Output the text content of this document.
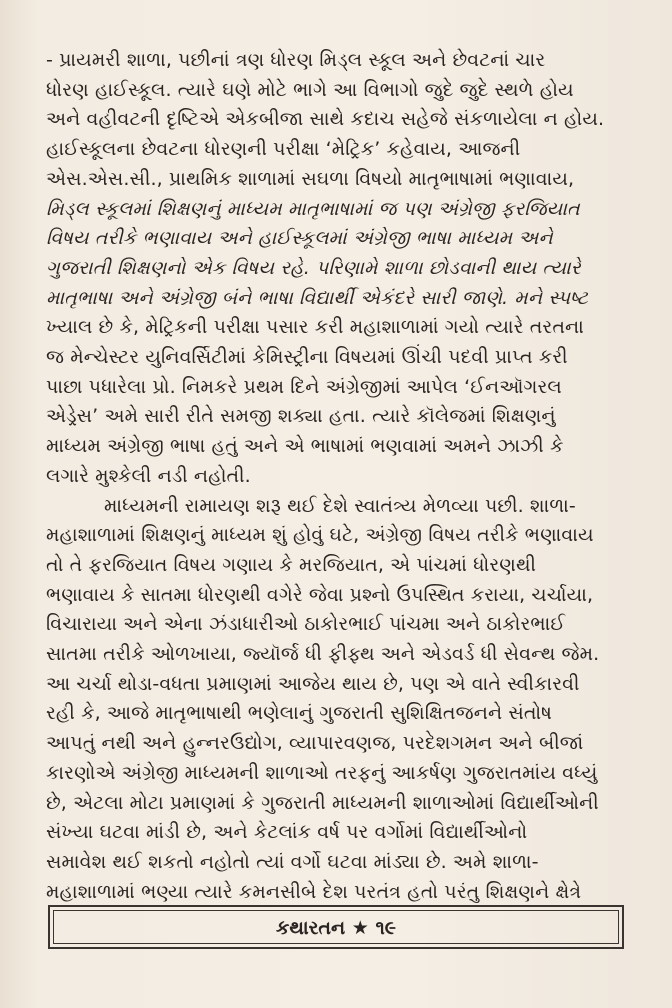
- પ્રાયમરી શાળા, પછીનાં ત્રણ ધોરણ મિડ્લ સ્કૂલ અને છેવટનાં ચાર
ધોરણ હાઈસ્કૂલ. ત્યારે ઘણે મોટે ભાગે આ વિભાગો જુદે જુદે સ્થળે હોય
અને વહીવટની દૃષ્ટિએ એકબીજા સાથે કદાચ સહેજે સંકળાયેલા ન હોય.
હાઈસ્કૂલના છેવટના ધોરણની પરીક્ષા ‘મેટ્રિક’ કહેવાય, આજની
એસ.એસ.સી., પ્રાથમિક શાળામાં સઘળા વિષયો માતૃભાષામાં ભણાવાય,
મિડ્લ સ્કૂલમાં શિક્ષણનું માધ્યમ માતૃભાષામાં જ પણ અંગ્રેજી ફરજિયાત
વિષય તરીકે ભણાવાય અને હાઈસ્કૂલમાં અંગ્રેજી ભાષા માધ્યમ અને
ગુજરાતી શિક્ષણનો એક વિષય રહે. પરિણામે શાળા છોડવાની થાય ત્યારે
માતૃભાષા અને અંગ્રેજી બંને ભાષા વિદ્યાર્થી એકંદરે સારી જાણે. મને સ્પષ્ટ
ખ્યાલ છે કે, મેટ્રિકની પરીક્ષા પસાર કરી મહાશાળામાં ગયો ત્યારે તરતના
જ મેન્ચેસ્ટર યુનિવર્સિટીમાં કેમિસ્ટ્રીના વિષયમાં ઊંચી પદવી પ્રાપ્ત કરી
પાછા પધારેલા પ્રો. નિમકરે પ્રથમ દિને અંગ્રેજીમાં આપેલ ‘ઈનઑગરલ
એડ્રેસ’ અમે સારી રીતે સમજી શક્યા હતા. ત્યારે કૉલેજમાં શિક્ષણનું
માધ્યમ અંગ્રેજી ભાષા હતું અને એ ભાષામાં ભણવામાં અમને ઝાઝી કે
લગારે મુશ્કેલી નડી નહોતી.
માધ્યમની રામાયણ શરૂ થઈ દેશે સ્વાતંત્ર્ય મેળવ્યા પછી. શાળા-
મહાશાળામાં શિક્ષણનું માધ્યમ શું હોવું ઘટે, અંગ્રેજી વિષય તરીકે ભણાવાય
તો તે ફરજિયાત વિષય ગણાય કે મરજિયાત, એ પાંચમાં ધોરણથી
ભણાવાય કે સાતમા ધોરણથી વગેરે જેવા પ્રશ્નો ઉપસ્થિત કરાયા, ચર્ચાયા,
વિચારાયા અને એના ઝંડાધારીઓ ઠાકોરભાઈ પાંચમા અને ઠાકોરભાઈ
સાતમા તરીકે ઓળખાયા, જ્યૉર્જ ધી ફીફ્થ અને એડવર્ડ ધી સેવન્થ જેમ.
આ ચર્ચા થોડા-વધતા પ્રમાણમાં આજેય થાય છે, પણ એ વાતે સ્વીકારવી
રહી કે, આજે માતૃભાષાથી ભણેલાનું ગુજરાતી સુશિક્ષિતજનને સંતોષ
આપતું નથી અને હુન્નરઉદ્યોગ, વ્યાપારવણજ, પરદેશગમન અને બીજાં
કારણોએ અંગ્રેજી માધ્યમની શાળાઓ તરફનું આકર્ષણ ગુજરાતમાંય વધ્યું
છે, એટલા મોટા પ્રમાણમાં કે ગુજરાતી માધ્યમની શાળાઓમાં વિદ્યાર્થીઓની
સંખ્યા ઘટવા માંડી છે, અને કેટલાંક વર્ષ પર વર્ગોમાં વિદ્યાર્થીઓનો
સમાવેશ થઈ શકતો નહોતો ત્યાં વર્ગો ઘટવા માંડ્યા છે. અમે શાળા-
મહાશાળામાં ભણ્યા ત્યારે કમનસીબે દેશ પરતંત્ર હતો પરંતુ શિક્ષણને ક્ષેત્રે
કથારતન ★ ૧૯
